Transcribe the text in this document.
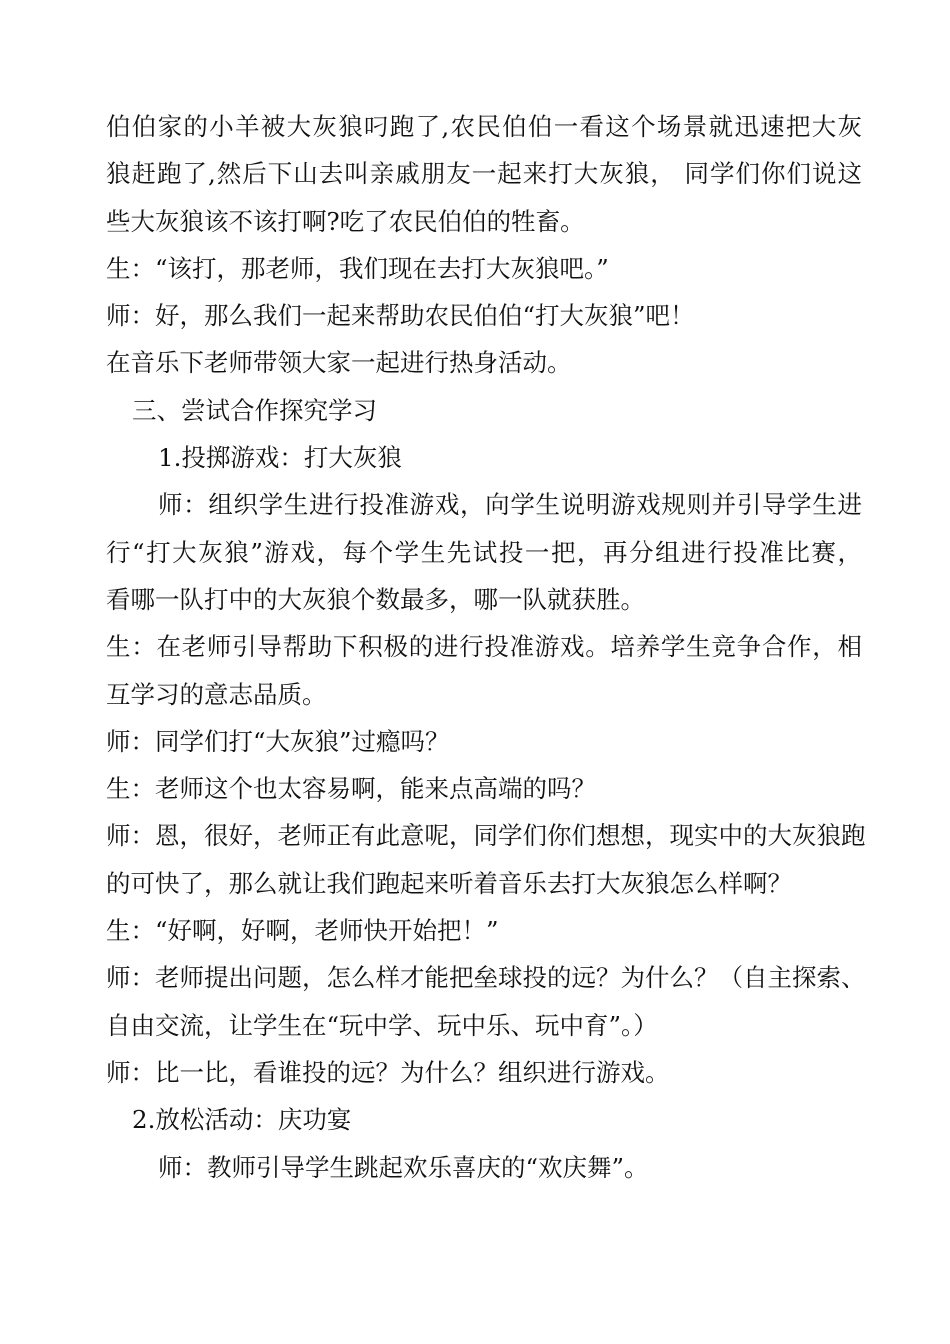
伯伯家的小羊被大灰狼叼跑了,农民伯伯一看这个场景就迅速把大灰
狼赶跑了,然后下山去叫亲戚朋友一起来打大灰狼， 同学们你们说这
些大灰狼该不该打啊?吃了农民伯伯的牲畜。
生：“该打，那老师，我们现在去打大灰狼吧。”
师：好，那么我们一起来帮助农民伯伯“打大灰狼”吧！
在音乐下老师带领大家一起进行热身活动。
三、尝试合作探究学习
1.投掷游戏：打大灰狼
师：组织学生进行投准游戏，向学生说明游戏规则并引导学生进
行“打大灰狼”游戏，每个学生先试投一把，再分组进行投准比赛，
看哪一队打中的大灰狼个数最多，哪一队就获胜。
生：在老师引导帮助下积极的进行投准游戏。培养学生竞争合作，相
互学习的意志品质。
师：同学们打“大灰狼”过瘾吗？
生：老师这个也太容易啊，能来点高端的吗？
师：恩，很好，老师正有此意呢，同学们你们想想，现实中的大灰狼跑
的可快了，那么就让我们跑起来听着音乐去打大灰狼怎么样啊？
生：“好啊，好啊，老师快开始把！”
师：老师提出问题，怎么样才能把垒球投的远？为什么？（自主探索、
自由交流，让学生在“玩中学、玩中乐、玩中育”。）
师：比一比，看谁投的远？为什么？组织进行游戏。
2.放松活动：庆功宴
师：教师引导学生跳起欢乐喜庆的“欢庆舞”。
